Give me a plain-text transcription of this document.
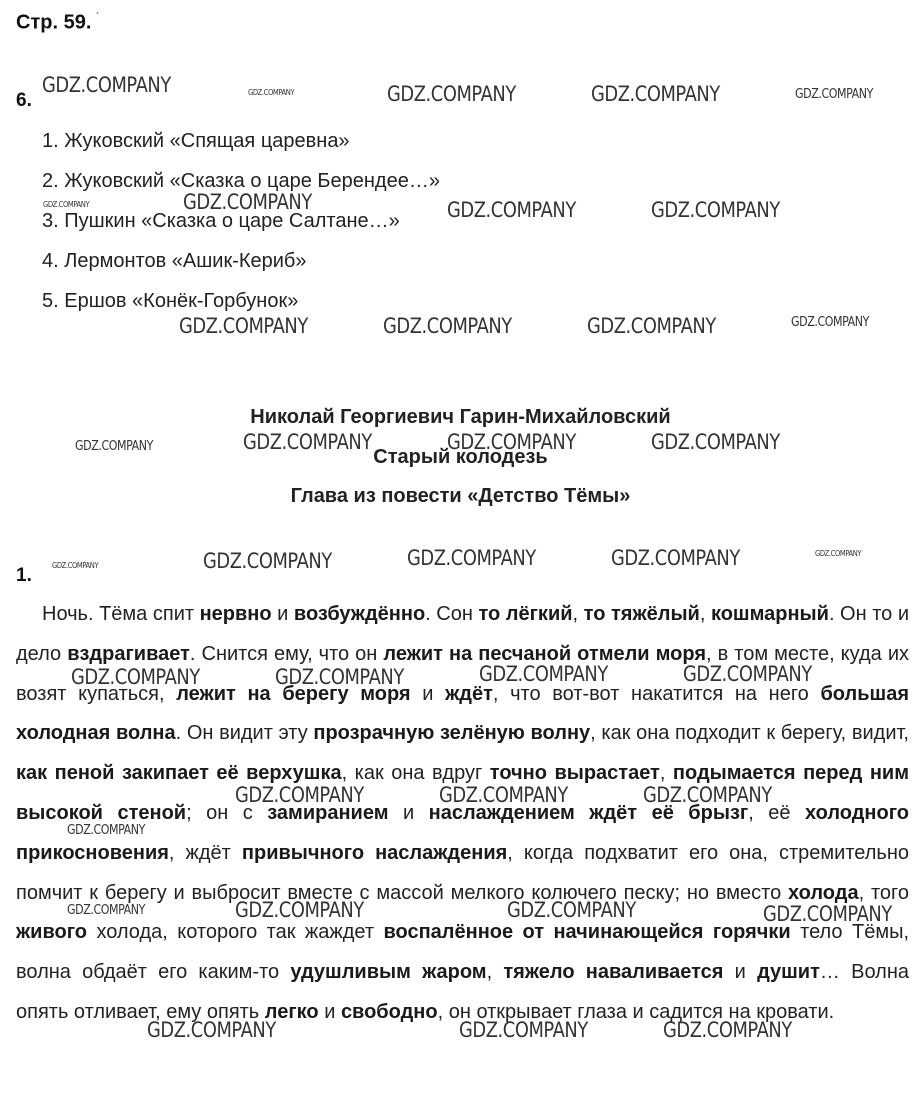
Стр. 59. $^ˊ$
6.
1. Жуковский «Спящая царевна»
2. Жуковский «Сказка о царе Берендее…»
3. Пушкин «Сказка о царе Салтане…»
4. Лермонтов «Ашик-Кериб»
5. Ершов «Конёк-Горбунок»
Николай Георгиевич Гарин-Михайловский
Старый колодезь
Глава из повести «Детство Тёмы»
1.

Ночь. Тёма спит нервно и возбуждённо. Сон то лёгкий, то тяжёлый, кошмарный. Он то и дело вздрагивает. Снится ему, что он лежит на песчаной отмели моря, в том месте, куда их возят купаться, лежит на берегу моря и ждёт, что вот-вот накатится на него большая холодная волна. Он видит эту прозрачную зелёную волну, как она подходит к берегу, видит, как пеной закипает её верхушка, как она вдруг точно вырастает, подымается перед ним высокой стеной; он с замиранием и наслаждением ждёт её брызг, её холодного прикосновения, ждёт привычного наслаждения, когда подхватит его она, стремительно помчит к берегу и выбросит вместе с массой мелкого колючего песку; но вместо холода, того живого холода, которого так жаждет воспалённое от начинающейся горячки тело Тёмы, волна обдаёт его каким-то удушливым жаром, тяжело наваливается и душит… Волна опять отливает, ему опять легко и свободно, он открывает глаза и садится на кровати.

GDZ.COMPANY	GDZ.COMPANY	GDZ.COMPANY	GDZ.COMPANY	GDZ.COMPANY
GDZ.COMPANY
GDZ.COMPANY	GDZ.COMPANY	GDZ.COMPANY
GDZ.COMPANY	GDZ.COMPANY	GDZ.COMPANY	GDZ.COMPANY
GDZ.COMPANY	GDZ.COMPANY	GDZ.COMPANY	GDZ.COMPANY
GDZ.COMPANY	GDZ.COMPANY	GDZ.COMPANY	GDZ.COMPANY	GDZ.COMPANY
GDZ.COMPANY	GDZ.COMPANY	GDZ.COMPANY	GDZ.COMPANY
GDZ.COMPANY	GDZ.COMPANY	GDZ.COMPANY
GDZ.COMPANY
GDZ.COMPANY	GDZ.COMPANY	GDZ.COMPANY	GDZ.COMPANY
GDZ.COMPANY	GDZ.COMPANY	GDZ.COMPANY
